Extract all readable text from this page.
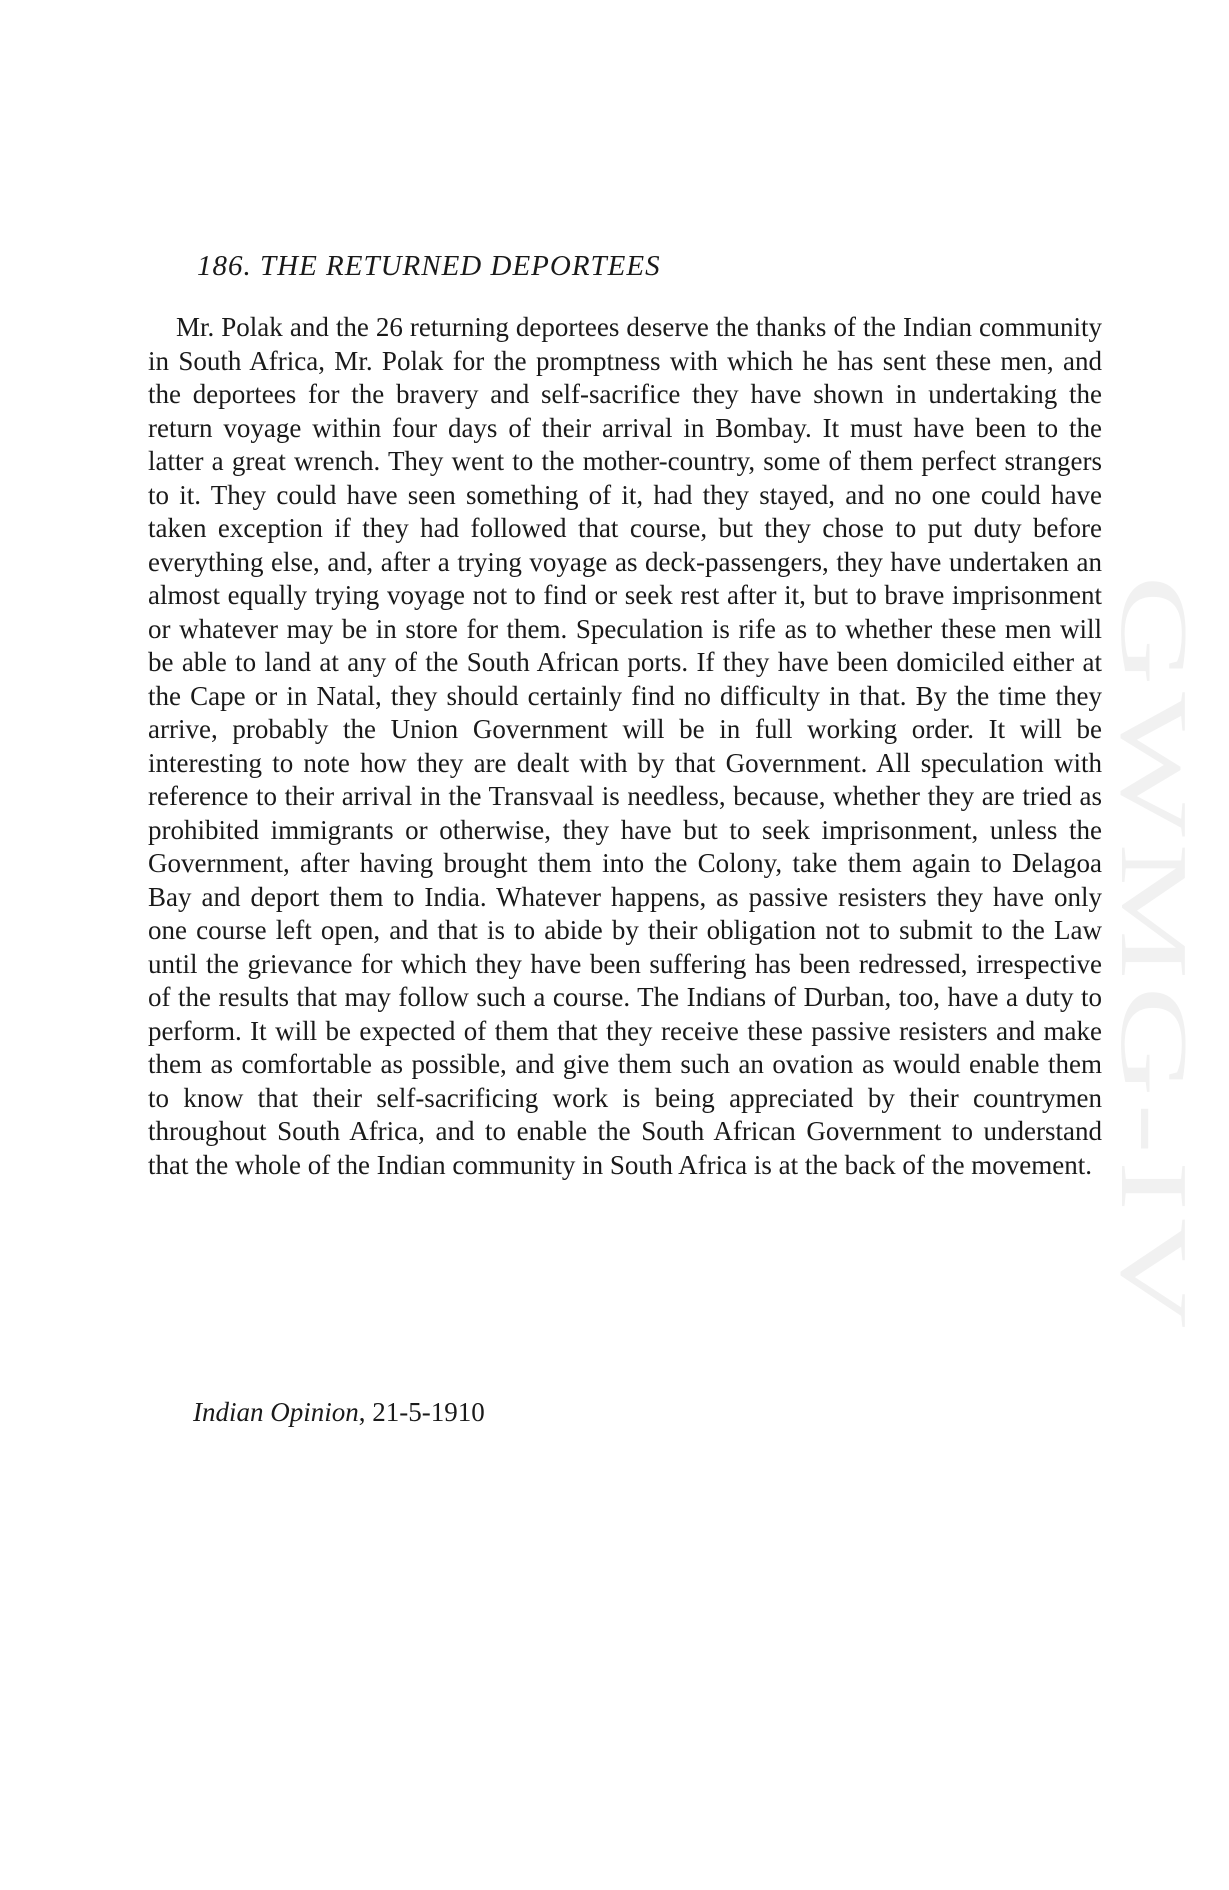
GWMG-IV
186. THE RETURNED DEPORTEES

Mr. Polak and the 26 returning deportees deserve the thanks of the Indian community in South Africa, Mr. Polak for the promptness with which he has sent these men, and the deportees for the bravery and self-sacrifice they have shown in undertaking the return voyage within four days of their arrival in Bombay. It must have been to the latter a great wrench. They went to the mother-country, some of them perfect strangers to it. They could have seen something of it, had they stayed, and no one could have taken exception if they had followed that course, but they chose to put duty before everything else, and, after a trying voyage as deck-passengers, they have undertaken an almost equally trying voyage not to find or seek rest after it, but to brave imprisonment or whatever may be in store for them. Speculation is rife as to whether these men will be able to land at any of the South African ports. If they have been domiciled either at the Cape or in Natal, they should certainly find no difficulty in that. By the time they arrive, probably the Union Government will be in full working order. It will be interesting to note how they are dealt with by that Government. All speculation with reference to their arrival in the Transvaal is needless, because, whether they are tried as prohibited immigrants or otherwise, they have but to seek imprisonment, unless the Government, after having brought them into the Colony, take them again to Delagoa Bay and deport them to India. Whatever happens, as passive resisters they have only one course left open, and that is to abide by their obligation not to submit to the Law until the grievance for which they have been suffering has been redressed, irrespective of the results that may follow such a course. The Indians of Durban, too, have a duty to perform. It will be expected of them that they receive these passive resisters and make them as comfortable as possible, and give them such an ovation as would enable them to know that their self-sacrificing work is being appreciated by their countrymen throughout South Africa, and to enable the South African Government to understand that the whole of the Indian community in South Africa is at the back of the movement.

Indian Opinion, 21-5-1910
